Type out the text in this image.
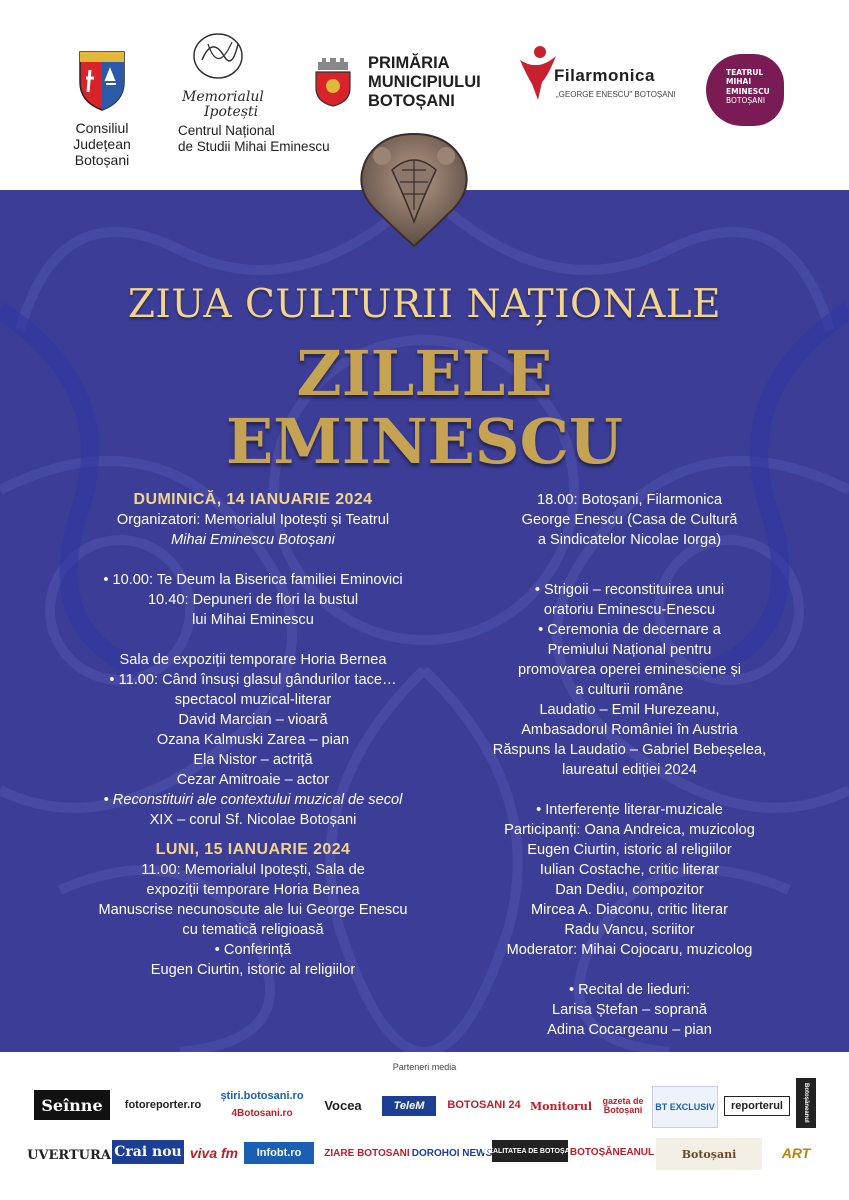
Consiliul
Județean
Botoșani
Memorialul
Ipotești
Centrul Național
de Studii Mihai Eminescu
PRIMĂRIA
MUNICIPIULUI
BOTOȘANI
Filarmonica
„GEORGE ENESCU" BOTOȘANI
TEATRUL
MIHAI
EMINESCU
BOTOȘANI
ZIUA CULTURII NAȚIONALE
ZILELE
EMINESCU
DUMINICĂ, 14 IANUARIE 2024
Organizatori: Memorialul Ipotești și Teatrul
Mihai Eminescu Botoșani
• 10.00: Te Deum la Biserica familiei Eminovici
10.40: Depuneri de flori la bustul
lui Mihai Eminescu
Sala de expoziții temporare Horia Bernea
• 11.00: Când însuși glasul gândurilor tace…
spectacol muzical-literar
David Marcian – vioară
Ozana Kalmuski Zarea – pian
Ela Nistor – actriță
Cezar Amitroaie – actor
• Reconstituiri ale contextului muzical de secol
XIX – corul Sf. Nicolae Botoșani
LUNI, 15 IANUARIE 2024
11.00: Memorialul Ipotești, Sala de
expoziții temporare Horia Bernea
Manuscrise necunoscute ale lui George Enescu
cu tematică religioasă
• Conferință
Eugen Ciurtin, istoric al religiilor
18.00: Botoșani, Filarmonica
George Enescu (Casa de Cultură
a Sindicatelor Nicolae Iorga)
• Strigoii – reconstituirea unui
oratoriu Eminescu-Enescu
• Ceremonia de decernare a
Premiului Național pentru
promovarea operei eminesciene și
a culturii române
Laudatio – Emil Hurezeanu,
Ambasadorul României în Austria
Răspuns la Laudatio – Gabriel Bebeșelea,
laureatul ediției 2024
• Interferențe literar-muzicale
Participanți: Oana Andreica, muzicolog
Eugen Ciurtin, istoric al religiilor
Iulian Costache, critic literar
Dan Dediu, compozitor
Mircea A. Diaconu, critic literar
Radu Vancu, scriitor
Moderator: Mihai Cojocaru, muzicolog
• Recital de lieduri:
Larisa Ștefan – soprană
Adina Cocargeanu – pian
Parteneri media
Seînne	fotoreporter.ro
știri.botosani.ro
4Botosani.ro
Vocea	TeleM	BOTOSANI 24 Monitorul	gazeta de Botoșani	BT EXCLUSIV	reporterul	Botoșăneanul
UVERTURA Crai nou viva fm	Infobt.ro	ZIARE BOTOSANI DOROHOI NEWS
REALITATEA DE BOTOȘANI
BOTOȘĂNEANUL	Botoșani	ART
